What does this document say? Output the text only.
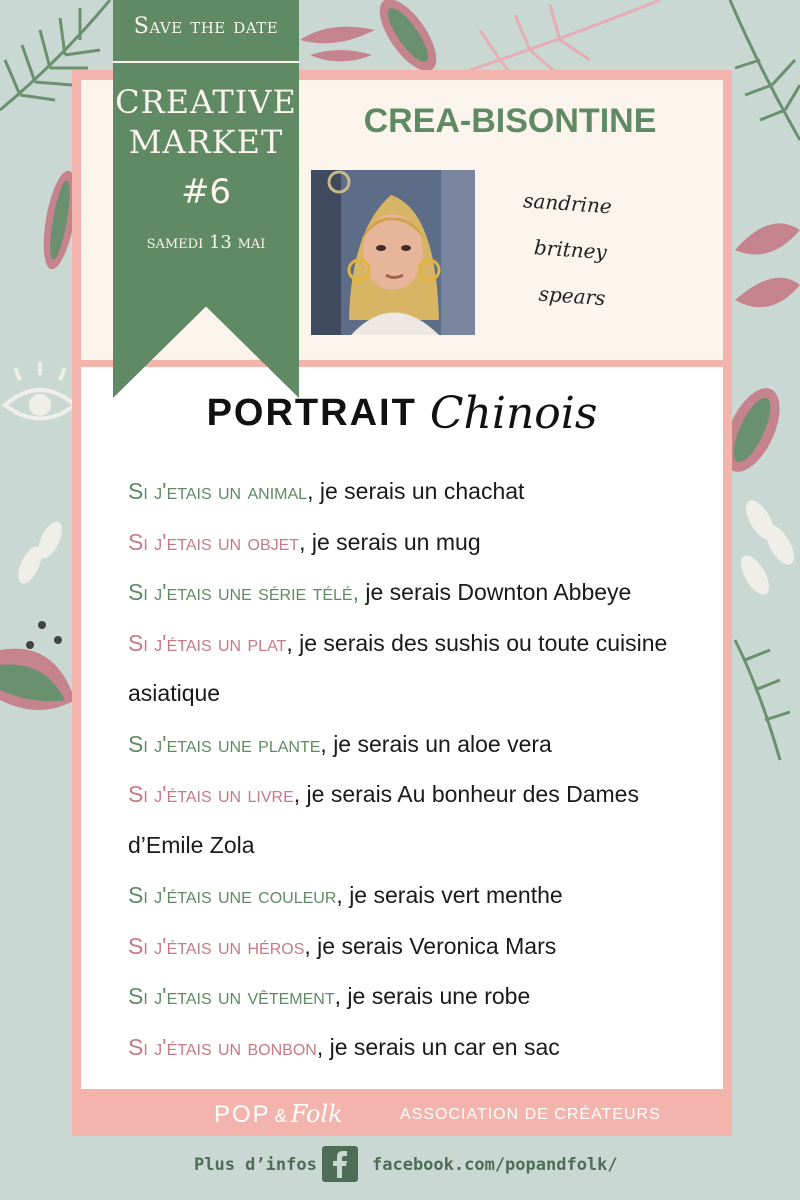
Save the date
CREATIVE
MARKET
#6
samedi 13 mai
CREA-BISONTINE
sandrine
britney
spears
PORTRAIT Chinois
Si j'etais un animal, je serais un chachat
Si j'etais un objet, je serais un mug
Si j'etais une série télé, je serais Downton Abbeye
Si j'étais un plat, je serais des sushis ou toute cuisine asiatique
Si j'etais une plante, je serais un aloe vera
Si j'étais un livre, je serais Au bonheur des Dames d’Emile Zola
Si j'étais une couleur, je serais vert menthe
Si j'étais un héros, je serais Veronica Mars
Si j'etais un vêtement, je serais une robe
Si j'étais un bonbon, je serais un car en sac
POP & Folk	ASSOCIATION DE CRÉATEURS
Plus d’infos	facebook.com/popandfolk/
